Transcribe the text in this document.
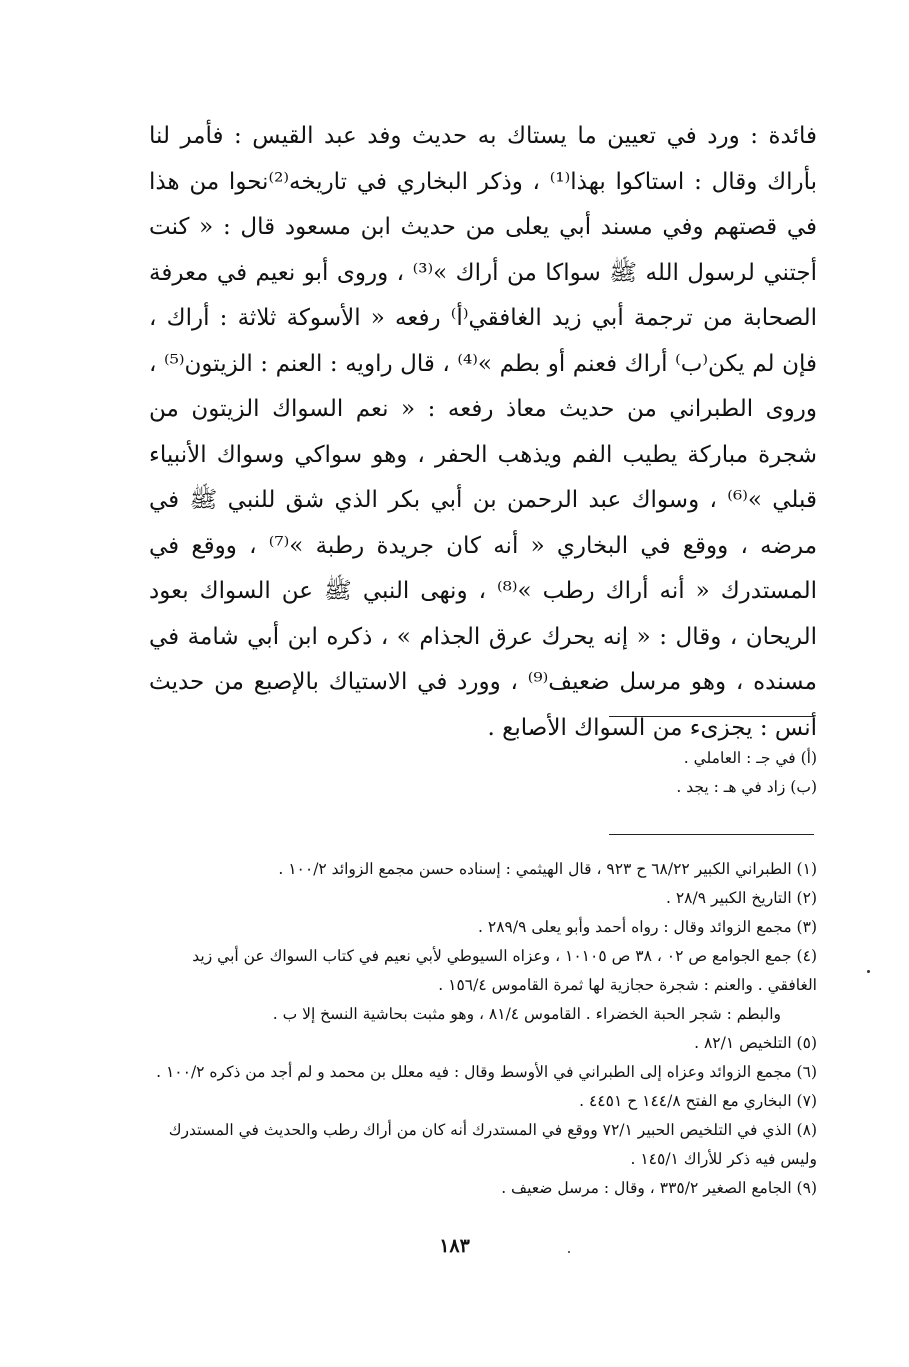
فائدة : ورد في تعيين ما يستاك به حديث وفد عبد القيس : فأمر لنا بأراك وقال : استاكوا بهذا⁽¹⁾ ، وذكر البخاري في تاريخه⁽²⁾نحوا من هذا في قصتهم وفي مسند أبي يعلى من حديث ابن مسعود قال : « كنت أجتني لرسول الله ﷺ سواكا من أراك »⁽³⁾ ، وروى أبو نعيم في معرفة الصحابة من ترجمة أبي زيد الغافقي⁽أ⁾ رفعه « الأسوكة ثلاثة : أراك ، فإن لم يكن⁽ب⁾ أراك فعنم أو بطم »⁽⁴⁾ ، قال راويه : العنم : الزيتون⁽⁵⁾ ، وروى الطبراني من حديث معاذ رفعه : « نعم السواك الزيتون من شجرة مباركة يطيب الفم ويذهب الحفر ، وهو سواكي وسواك الأنبياء قبلي »⁽⁶⁾ ، وسواك عبد الرحمن بن أبي بكر الذي شق للنبي ﷺ في مرضه ، ووقع في البخاري « أنه كان جريدة رطبة »⁽⁷⁾ ، ووقع في المستدرك « أنه أراك رطب »⁽⁸⁾ ، ونهى النبي ﷺ عن السواك بعود الريحان ، وقال : « إنه يحرك عرق الجذام » ، ذكره ابن أبي شامة في مسنده ، وهو مرسل ضعيف⁽⁹⁾ ، وورد في الاستياك بالإصبع من حديث أنس : يجزىء من السواك الأصابع .

(أ) في جـ : العاملي .

(ب) زاد في هـ : يجد .

(١) الطبراني الكبير ٦٨/٢٢ ح ٩٢٣ ، قال الهيثمي : إسناده حسن مجمع الزوائد ١٠٠/٢ .

(٢) التاريخ الكبير ٢٨/٩ .

(٣) مجمع الزوائد وقال : رواه أحمد وأبو يعلى ٢٨٩/٩ .

(٤) جمع الجوامع ص ٠٢ ، ٣٨ ص ١٠١٠٥ ، وعزاه السيوطي لأبي نعيم في كتاب السواك عن أبي زيد الغافقي . والعنم : شجرة حجازية لها ثمرة القاموس ١٥٦/٤ .

والبطم : شجر الحبة الخضراء . القاموس ٨١/٤ ، وهو مثبت بحاشية النسخ إلا ب .

(٥) التلخيص ٨٢/١ .

(٦) مجمع الزوائد وعزاه إلى الطبراني في الأوسط وقال : فيه معلل بن محمد و لم أجد من ذكره ١٠٠/٢ .

(٧) البخاري مع الفتح ١٤٤/٨ ح ٤٤٥١ .

(٨) الذي في التلخيص الحبير ٧٢/١ ووقع في المستدرك أنه كان من أراك رطب والحديث في المستدرك وليس فيه ذكر للأراك ١٤٥/١ .

(٩) الجامع الصغير ٣٣٥/٢ ، وقال : مرسل ضعيف .

١٨٣
